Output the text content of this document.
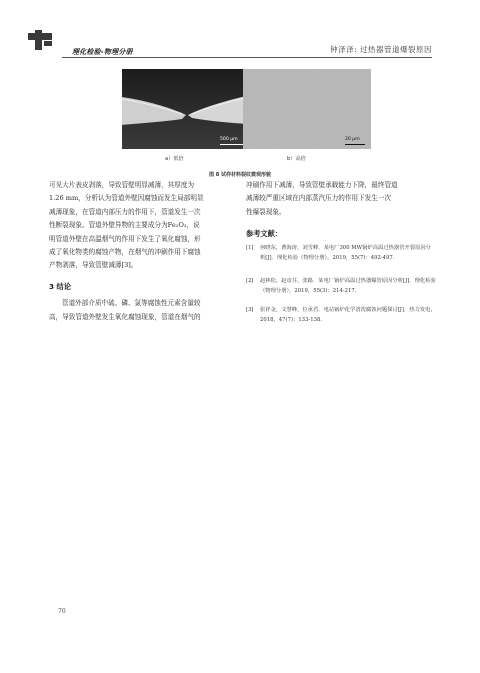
理化检验-物理分册	钟泽泽: 过热器管道爆裂原因
500 μm	20 μm
a）低倍	b）高倍
图 8 试样材料裂纹微观形貌

可见大片表皮剥落，导致管壁明显减薄，其厚度为

1.26 mm，分析认为管道外壁因腐蚀而发生局部明显

减薄现象，在管道内部压力的作用下，管道发生一次

性断裂现象。管道外壁异物的主要成分为Fe₂O₃，说

明管道外壁在高温烟气的作用下发生了氧化腐蚀，形

成了氧化物类的腐蚀产物，在烟气的冲刷作用下腐蚀

产物剥落，导致管壁减薄[3]。

3 结论

管道外部介质中硫、磷、氯等腐蚀性元素含量较

高，导致管道外壁发生氧化腐蚀现象，管道在烟气的

冲刷作用下减薄，导致管壁承载能力下降，最终管道

减薄较严重区域在内部蒸汽压力的作用下发生一次

性爆裂现象。

参考文献：
[1] 何晓东，曹海涛，刘雪峰．某电厂300 MW锅炉高温过热器管开裂原因分析[J]．理化检验（物理分册），2019，55(7)：492-497.
[2] 赵林松，赵彦芬，张路．某电厂锅炉高温过热器爆管原因分析[J]．理化检验（物理分册），2019，55(3)：214-217.
[3] 张祥金，文慧峰，位承君．电站锅炉化学清洗腐蚀问题探讨[J]．热力发电，2018，47(7)：133-138.
70
